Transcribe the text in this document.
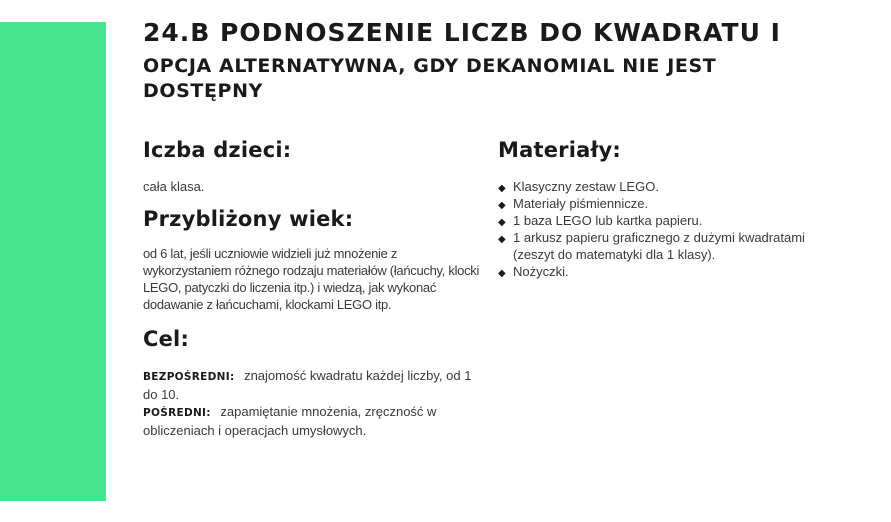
24.B PODNOSZENIE LICZB DO KWADRATU I
OPCJA ALTERNATYWNA, GDY DEKANOMIAL NIE JEST DOSTĘPNY
Iczba dzieci:

cała klasa.

Przybliżony wiek:

od 6 lat, jeśli uczniowie widzieli już mnożenie z wykorzystaniem różnego rodzaju materiałów (łańcuchy, klocki LEGO, patyczki do liczenia itp.) i wiedzą, jak wykonać dodawanie z łańcuchami, klockami LEGO itp.

Cel:

BEZPOŚREDNI: znajomość kwadratu każdej liczby, od 1 do 10.

POŚREDNI: zapamiętanie mnożenia, zręczność w obliczeniach i operacjach umysłowych.

Materiały:
◆ Klasyczny zestaw LEGO.
◆ Materiały piśmiennicze.
◆ 1 baza LEGO lub kartka papieru.
◆ 1 arkusz papieru graficznego z dużymi kwadratami (zeszyt do matematyki dla 1 klasy).
◆ Nożyczki.
